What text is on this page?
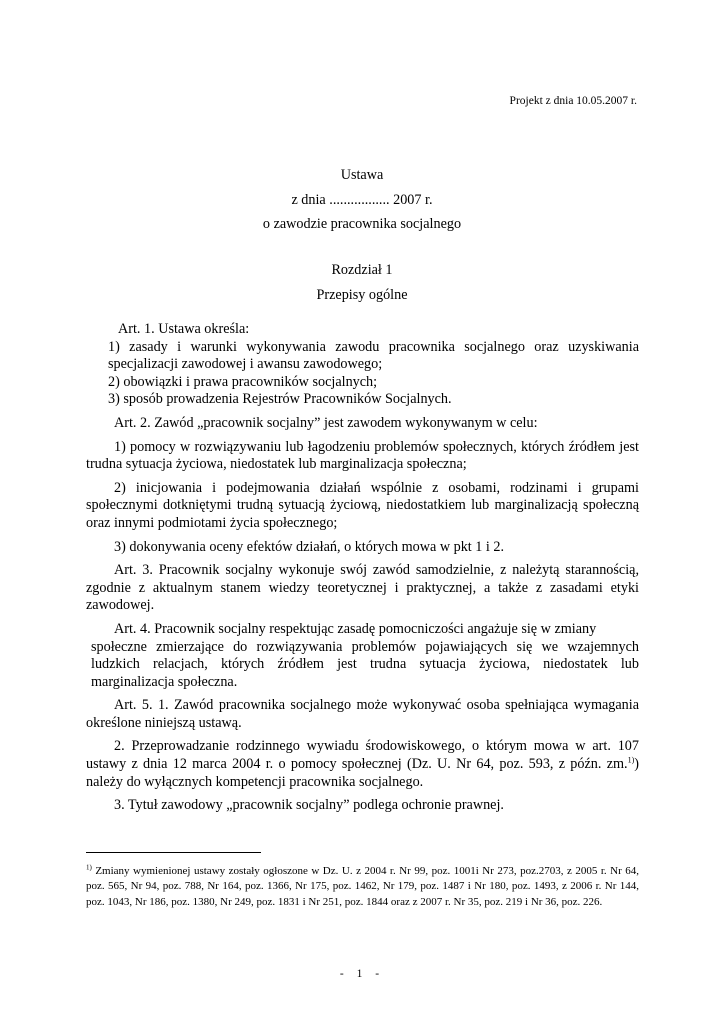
Projekt z dnia 10.05.2007 r.
Ustawa
z dnia ................. 2007 r.
o zawodzie pracownika socjalnego
Rozdział 1
Przepisy ogólne

Art. 1. Ustawa określa:

1) zasady i warunki wykonywania zawodu pracownika socjalnego oraz uzyskiwania specjalizacji zawodowej i awansu zawodowego;

2) obowiązki i prawa pracowników socjalnych;

3) sposób prowadzenia Rejestrów Pracowników Socjalnych.

Art. 2. Zawód „pracownik socjalny” jest zawodem wykonywanym w celu:

1) pomocy w rozwiązywaniu lub łagodzeniu problemów społecznych, których źródłem jest trudna sytuacja życiowa, niedostatek lub marginalizacja społeczna;

2) inicjowania i podejmowania działań wspólnie z osobami, rodzinami i grupami społecznymi dotkniętymi trudną sytuacją życiową, niedostatkiem lub marginalizacją społeczną oraz innymi podmiotami życia społecznego;

3) dokonywania oceny efektów działań, o których mowa w pkt 1 i 2.

Art. 3. Pracownik socjalny wykonuje swój zawód samodzielnie, z należytą starannością, zgodnie z aktualnym stanem wiedzy teoretycznej i praktycznej, a także z zasadami etyki zawodowej.

Art. 4. Pracownik socjalny respektując zasadę pomocniczości angażuje się w zmiany

społeczne zmierzające do rozwiązywania problemów pojawiających się we wzajemnych ludzkich relacjach, których źródłem jest trudna sytuacja życiowa, niedostatek lub marginalizacja społeczna.

Art. 5. 1. Zawód pracownika socjalnego może wykonywać osoba spełniająca wymagania określone niniejszą ustawą.

2. Przeprowadzanie rodzinnego wywiadu środowiskowego, o którym mowa w art. 107 ustawy z dnia 12 marca 2004 r. o pomocy społecznej (Dz. U. Nr 64, poz. 593, z późn. zm.$^{1)}$) należy do wyłącznych kompetencji pracownika socjalnego.

3. Tytuł zawodowy „pracownik socjalny” podlega ochronie prawnej.

$^{1)}$ Zmiany wymienionej ustawy zostały ogłoszone w Dz. U. z 2004 r. Nr 99, poz. 1001i Nr 273, poz.2703, z 2005 r. Nr 64, poz. 565, Nr 94, poz. 788, Nr 164, poz. 1366, Nr 175, poz. 1462, Nr 179, poz. 1487 i Nr 180, poz. 1493, z 2006 r. Nr 144, poz. 1043, Nr 186, poz. 1380, Nr 249, poz. 1831 i Nr 251, poz. 1844 oraz z 2007 r. Nr 35, poz. 219 i Nr 36, poz. 226.
- 1 -
